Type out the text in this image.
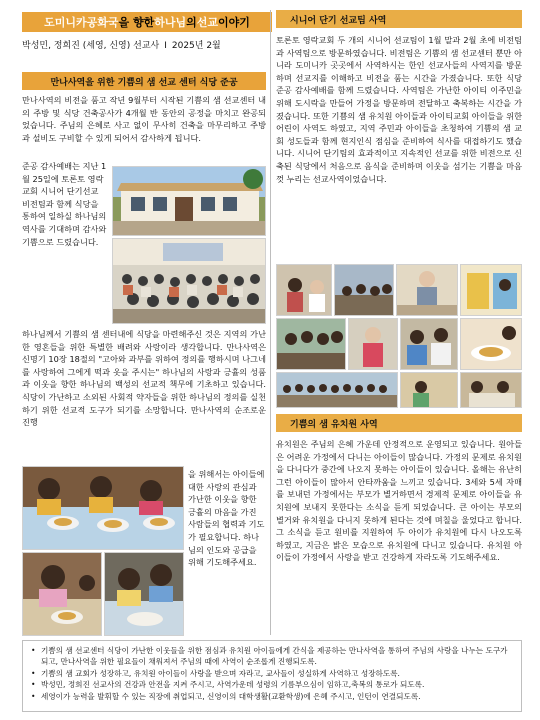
도미니카공화국 을 향한 하나님 의 선교 이야기
박성민, 정희진 (세영, 신영) 선교사 I 2025년 2월
만나사역을 위한 기쁨의 샘 선교 센터 식당 준공
만나사역의 비전을 품고 작년 9월부터 시작된 기쁨의 샘 선교센터 내의 주방 및 식당 건축공사가 4개월 반 동안의 공정을 마치고 완공되었습니다. 주님의 은혜로 사고 없이 무사히 건축을 마무리하고 주방과 설비도 구비할 수 있게 되어서 감사하게 됩니다.
준공 감사예배는 지난 1월 25일에 토론토 영락교회 시니어 단기선교 비전팀과 함께 식당을 통하여 일하실 하나님의 역사를 기대하며 감사와 기쁨으로 드렸습니다.
하나님께서 기쁨의 샘 센터내에 식당을 마련해주신 것은 지역의 가난한 영혼들을 위한 특별한 배려와 사랑이라 생각합니다. 만나사역은 신명기 10장 18절의 "고아와 과부를 위하여 정의를 행하시며 나그네를 사랑하여 그에게 떡과 옷을 주시는" 하나님의 사랑과 긍휼의 성품과 이웃을 향한 하나님의 백성의 선교적 책무에 기초하고 있습니다. 식당이 가난하고 소외된 사회적 약자들을 위한 하나님의 정의를 실천하기 위한 선교적 도구가 되기를 소망합니다. 만나사역의 순조로운 진행
을 위해서는 아이들에 대한 사랑의 관심과 가난한 이웃을 향한 긍휼의 마음을 가진 사람들의 협력과 기도가 필요합니다. 하나님의 인도와 공급을 위해 기도해주세요.
시니어 단기 선교팀 사역
토론토 영락교회 두 개의 시니어 선교팀이 1월 말과 2월 초에 비전팀과 사역팀으로 방문하였습니다. 비전팀은 기쁨의 샘 선교센터 뿐만 아니라 도미니카 곳곳에서 사역하시는 한인 선교사들의 사역지를 방문하며 선교지를 이해하고 비전을 품는 시간을 가졌습니다. 또한 식당 준공 감사예배를 함께 드렸습니다. 사역팀은 가난한 아이티 이주민을 위해 도시락을 만들어 가정을 방문하며 전달하고 축복하는 시간을 가졌습니다. 또한 기쁨의 샘 유치원 아이들과 아이티교회 아이들을 위한 어린이 사역도 하였고, 지역 주민과 아이들을 초청하여 기쁨의 샘 교회 성도들과 함께 현지인식 점심을 준비하여 식사를 대접하기도 했습니다. 시니어 단기팀의 효과적이고 지속적인 선교를 위한 비전으로 신축된 식당에서 처음으로 음식을 준비하며 이웃을 섬기는 기쁨을 마음껏 누리는 선교사역이었습니다.
기쁨의 샘 유치원 사역
유치원은 주님의 은혜 가운데 안정적으로 운영되고 있습니다. 원아들은 어려운 가정에서 다니는 아이들이 많습니다. 가정의 문제로 유치원을 다니다가 중간에 나오지 못하는 아이들이 있습니다. 올해는 유난히 그런 아이들이 많아서 안타까움을 느끼고 있습니다. 3세와 5세 자매를 보내던 가정에서는 부모가 별거하면서 경제적 문제로 아이들을 유치원에 보내지 못한다는 소식을 듣게 되었습니다. 큰 아이는 부모의 별거와 유치원을 다니지 못하게 된다는 것에 며칠을 울었다고 합니다. 그 소식을 듣고 원비를 지원하여 두 아이가 유치원에 다시 나오도록 하였고, 지금은 밝은 모습으로 유치원에 다니고 있습니다. 유치원 아이들이 가정에서 사랑을 받고 건강하게 자라도록 기도해주세요.
• 기쁨의 샘 선교센터 식당이 가난한 이웃들을 위한 점심과 유치원 아이들에게 간식을 제공하는 만나사역을 통하여 주님의 사랑을 나누는 도구가 되고, 만나사역을 위한 필요들이 채워져서 주님의 때에 사역이 순조롭게 진행되도록.
• 기쁨의 샘 교회가 성장하고, 유치원 아이들이 사랑을 받으며 자라고, 교사들이 성실하게 사역하고 성장하도록.
• 박성민, 정희진 선교사의 건강과 안전을 지켜 주시고, 사역가운데 성령의 기름부으심이 임하고,축복의 통로가 되도록.
• 세영이가 능력을 발휘할 수 있는 직장에 취업되고, 신영이의 대학생활(교환학생)에 은혜 주시고, 인턴이 연결되도록.
